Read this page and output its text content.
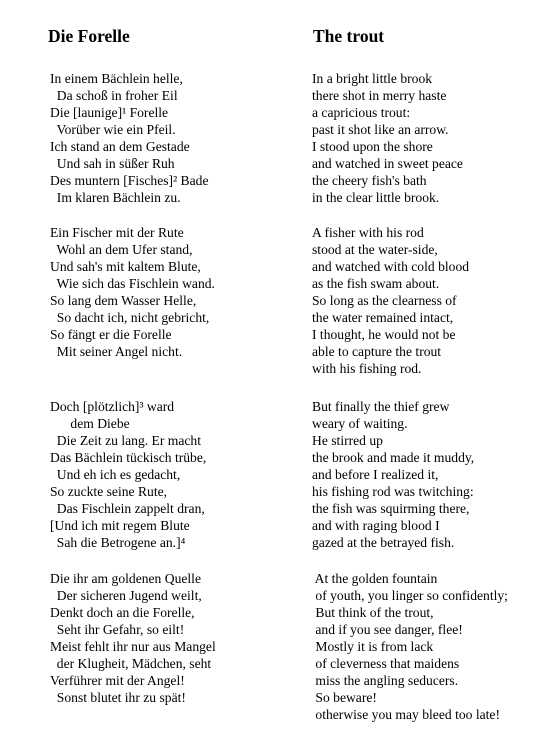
Die Forelle
In einem Bächlein helle,
Da schoß in froher Eil
Die [launige]¹ Forelle
Vorüber wie ein Pfeil.
Ich stand an dem Gestade
Und sah in süßer Ruh
Des muntern [Fisches]² Bade
Im klaren Bächlein zu.
Ein Fischer mit der Rute
Wohl an dem Ufer stand,
Und sah's mit kaltem Blute,
Wie sich das Fischlein wand.
So lang dem Wasser Helle,
So dacht ich, nicht gebricht,
So fängt er die Forelle
Mit seiner Angel nicht.
Doch [plötzlich]³ ward
dem Diebe
Die Zeit zu lang. Er macht
Das Bächlein tückisch trübe,
Und eh ich es gedacht,
So zuckte seine Rute,
Das Fischlein zappelt dran,
[Und ich mit regem Blute
Sah die Betrogene an.]⁴
Die ihr am goldenen Quelle
Der sicheren Jugend weilt,
Denkt doch an die Forelle,
Seht ihr Gefahr, so eilt!
Meist fehlt ihr nur aus Mangel
der Klugheit, Mädchen, seht
Verführer mit der Angel!
Sonst blutet ihr zu spät!
The trout
In a bright little brook
there shot in merry haste
a capricious trout:
past it shot like an arrow.
I stood upon the shore
and watched in sweet peace
the cheery fish's bath
in the clear little brook.
A fisher with his rod
stood at the water-side,
and watched with cold blood
as the fish swam about.
So long as the clearness of
the water remained intact,
I thought, he would not be
able to capture the trout
with his fishing rod.
But finally the thief grew
weary of waiting.
He stirred up
the brook and made it muddy,
and before I realized it,
his fishing rod was twitching:
the fish was squirming there,
and with raging blood I
gazed at the betrayed fish.
At the golden fountain
of youth, you linger so confidently;
But think of the trout,
and if you see danger, flee!
Mostly it is from lack
of cleverness that maidens
miss the angling seducers.
So beware!
otherwise you may bleed too late!
